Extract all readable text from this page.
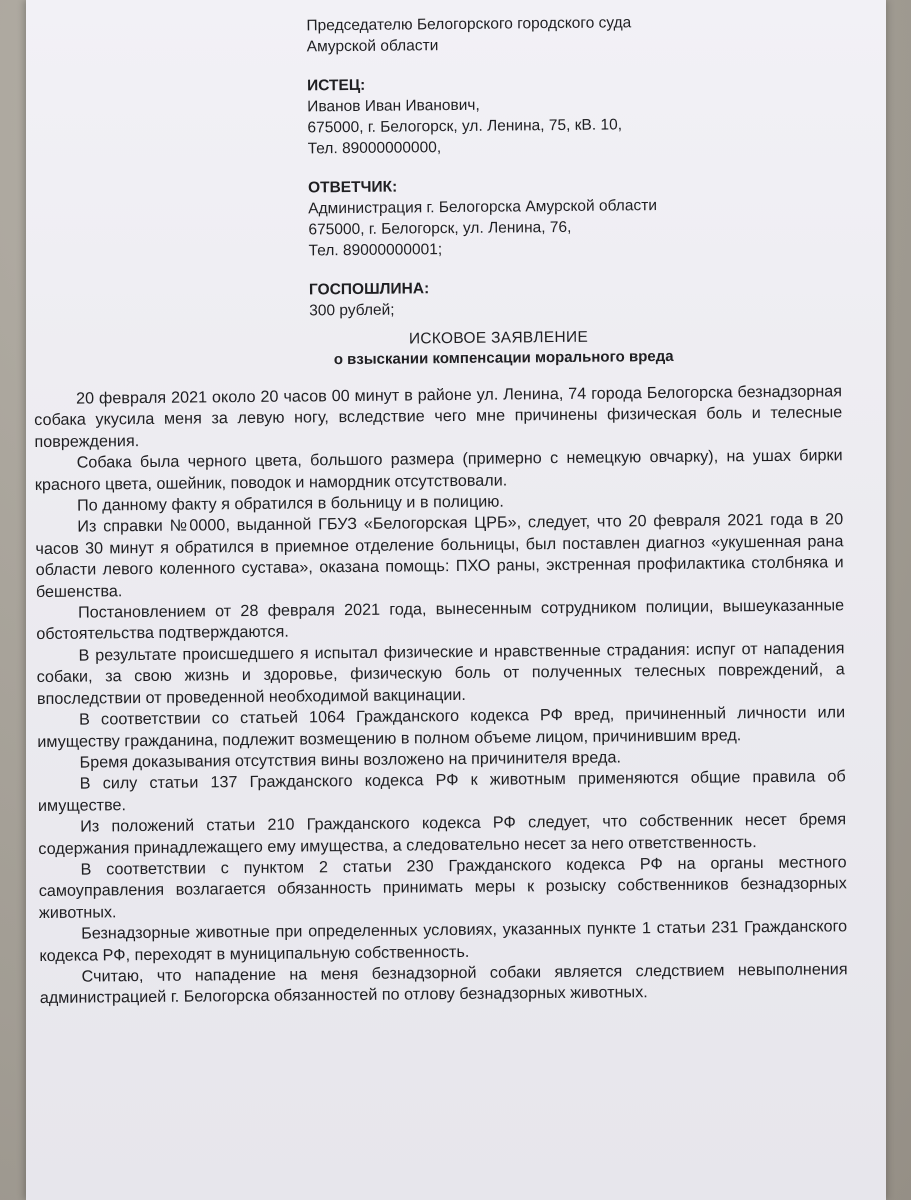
Председателю Белогорского городского суда
Амурской области
ИСТЕЦ:
Иванов Иван Иванович,
675000, г. Белогорск, ул. Ленина, 75, кВ. 10,
Тел. 89000000000,
ОТВЕТЧИК:
Администрация г. Белогорска Амурской области
675000, г. Белогорск, ул. Ленина, 76,
Тел. 89000000001;
ГОСПОШЛИНА:
300 рублей;
ИСКОВОЕ ЗАЯВЛЕНИЕ
о взыскании компенсации морального вреда

20 февраля 2021 около 20 часов 00 минут в районе ул. Ленина, 74 города Белогорска безнадзорная собака укусила меня за левую ногу, вследствие чего мне причинены физическая боль и телесные повреждения.

Собака была черного цвета, большого размера (примерно с немецкую овчарку), на ушах бирки красного цвета, ошейник, поводок и намордник отсутствовали.

По данному факту я обратился в больницу и в полицию.

Из справки №0000, выданной ГБУЗ «Белогорская ЦРБ», следует, что 20 февраля 2021 года в 20 часов 30 минут я обратился в приемное отделение больницы, был поставлен диагноз «укушенная рана области левого коленного сустава», оказана помощь: ПХО раны, экстренная профилактика столбняка и бешенства.

Постановлением от 28 февраля 2021 года, вынесенным сотрудником полиции, вышеуказанные обстоятельства подтверждаются.

В результате происшедшего я испытал физические и нравственные страдания: испуг от нападения собаки, за свою жизнь и здоровье, физическую боль от полученных телесных повреждений, а впоследствии от проведенной необходимой вакцинации.

В соответствии со статьей 1064 Гражданского кодекса РФ вред, причиненный личности или имуществу гражданина, подлежит возмещению в полном объеме лицом, причинившим вред.

Бремя доказывания отсутствия вины возложено на причинителя вреда.

В силу статьи 137 Гражданского кодекса РФ к животным применяются общие правила об имуществе.

Из положений статьи 210 Гражданского кодекса РФ следует, что собственник несет бремя содержания принадлежащего ему имущества, а следовательно несет за него ответственность.

В соответствии с пунктом 2 статьи 230 Гражданского кодекса РФ на органы местного самоуправления возлагается обязанность принимать меры к розыску собственников безнадзорных животных.

Безнадзорные животные при определенных условиях, указанных пункте 1 статьи 231 Гражданского кодекса РФ, переходят в муниципальную собственность.

Считаю, что нападение на меня безнадзорной собаки является следствием невыполнения администрацией г. Белогорска обязанностей по отлову безнадзорных животных.
